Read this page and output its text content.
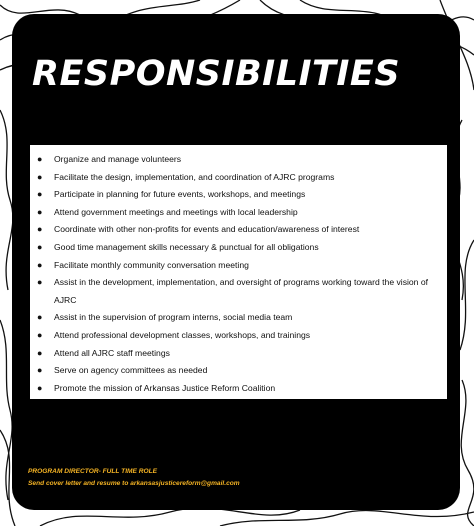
RESPONSIBILITIES
● Organize and manage volunteers
● Facilitate the design, implementation, and coordination of AJRC programs
● Participate in planning for future events, workshops, and meetings
● Attend government meetings and meetings with local leadership
● Coordinate with other non-profits for events and education/awareness of interest
● Good time management skills necessary & punctual for all obligations
● Facilitate monthly community conversation meeting
● Assist in the development, implementation, and oversight of programs working toward the vision of AJRC
● Assist in the supervision of program interns, social media team
● Attend professional development classes, workshops, and trainings
● Attend all AJRC staff meetings
● Serve on agency committees as needed
● Promote the mission of Arkansas Justice Reform Coalition
PROGRAM DIRECTOR- FULL TIME ROLE
Send cover letter and resume to arkansasjusticereform@gmail.com
